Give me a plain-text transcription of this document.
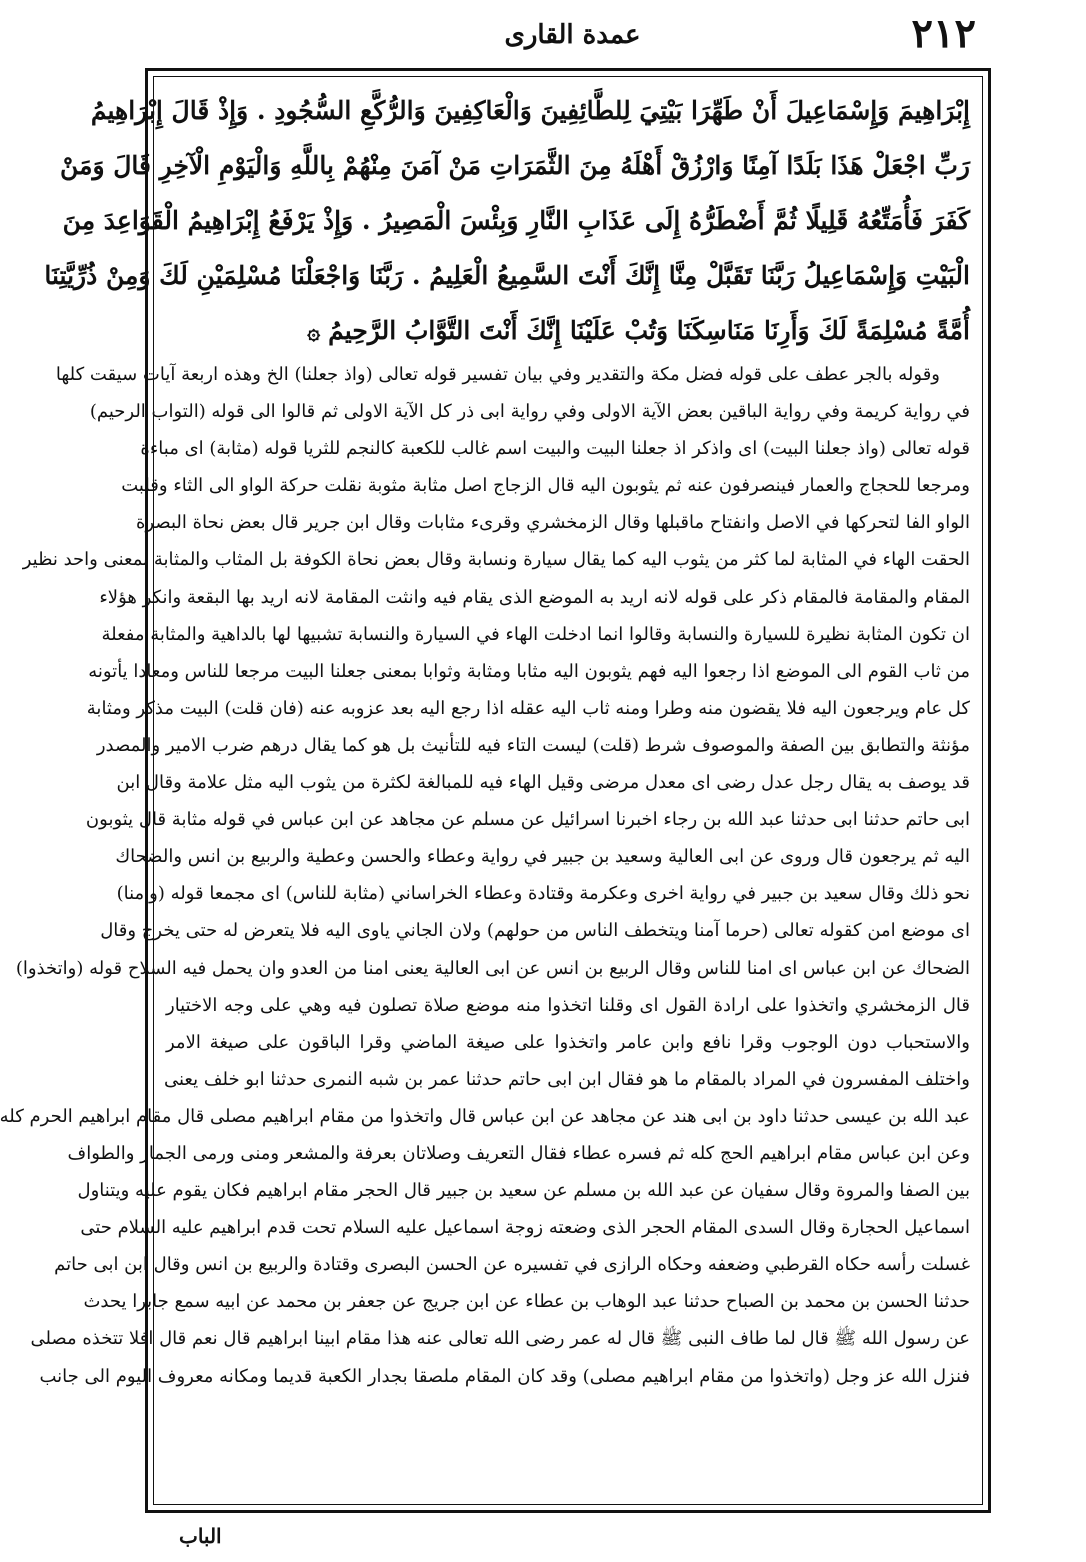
٢١٢
عمدة القارى
إِبْرَاهِيمَ وَإِسْمَاعِيلَ أَنْ طَهِّرَا بَيْتِيَ لِلطَّائِفِينَ وَالْعَاكِفِينَ وَالرُّكَّعِ السُّجُودِ . وَإِذْ قَالَ إِبْرَاهِيمُ
رَبِّ اجْعَلْ هَذَا بَلَدًا آمِنًا وَارْزُقْ أَهْلَهُ مِنَ الثَّمَرَاتِ مَنْ آمَنَ مِنْهُمْ بِاللَّهِ وَالْيَوْمِ الْآخِرِ قَالَ وَمَنْ
كَفَرَ فَأُمَتِّعُهُ قَلِيلًا ثُمَّ أَضْطَرُّهُ إِلَى عَذَابِ النَّارِ وَبِئْسَ الْمَصِيرُ . وَإِذْ يَرْفَعُ إِبْرَاهِيمُ الْقَوَاعِدَ مِنَ
الْبَيْتِ وَإِسْمَاعِيلُ رَبَّنَا تَقَبَّلْ مِنَّا إِنَّكَ أَنْتَ السَّمِيعُ الْعَلِيمُ . رَبَّنَا وَاجْعَلْنَا مُسْلِمَيْنِ لَكَ وَمِنْ ذُرِّيَّتِنَا
أُمَّةً مُسْلِمَةً لَكَ وَأَرِنَا مَنَاسِكَنَا وَتُبْ عَلَيْنَا إِنَّكَ أَنْتَ التَّوَّابُ الرَّحِيمُ۞
وقوله بالجر عطف على قوله فضل مكة والتقدير وفي بيان تفسير قوله تعالى (واذ جعلنا) الخ وهذه اربعة آيات سيقت كلها
في رواية كريمة وفي رواية الباقين بعض الآية الاولى وفي رواية ابى ذر كل الآية الاولى ثم قالوا الى قوله (التواب الرحيم)
قوله تعالى (واذ جعلنا البيت) اى واذكر اذ جعلنا البيت والبيت اسم غالب للكعبة كالنجم للثريا قوله (مثابة) اى مباءة
ومرجعا للحجاج والعمار فينصرفون عنه ثم يثوبون اليه قال الزجاج اصل مثابة مثوبة نقلت حركة الواو الى الثاء وقلبت
الواو الفا لتحركها في الاصل وانفتاح ماقبلها وقال الزمخشري وقرىء مثابات وقال ابن جرير قال بعض نحاة البصرة
الحقت الهاء في المثابة لما كثر من يثوب اليه كما يقال سيارة ونسابة وقال بعض نحاة الكوفة بل المثاب والمثابة بمعنى واحد نظير
المقام والمقامة فالمقام ذكر على قوله لانه اريد به الموضع الذى يقام فيه وانثت المقامة لانه اريد بها البقعة وانكر هؤلاء
ان تكون المثابة نظيرة للسيارة والنسابة وقالوا انما ادخلت الهاء في السيارة والنسابة تشبيها لها بالداهية والمثابة مفعلة
من ثاب القوم الى الموضع اذا رجعوا اليه فهم يثوبون اليه مثابا ومثابة وثوابا بمعنى جعلنا البيت مرجعا للناس ومعادا يأتونه
كل عام ويرجعون اليه فلا يقضون منه وطرا ومنه ثاب اليه عقله اذا رجع اليه بعد عزوبه عنه (فان قلت) البيت مذكر ومثابة
مؤنثة والتطابق بين الصفة والموصوف شرط (قلت) ليست التاء فيه للتأنيث بل هو كما يقال درهم ضرب الامير والمصدر
قد يوصف به يقال رجل عدل رضى اى معدل مرضى وقيل الهاء فيه للمبالغة لكثرة من يثوب اليه مثل علامة وقال ابن
ابى حاتم حدثنا ابى حدثنا عبد الله بن رجاء اخبرنا اسرائيل عن مسلم عن مجاهد عن ابن عباس في قوله مثابة قال يثوبون
اليه ثم يرجعون قال وروى عن ابى العالية وسعيد بن جبير في رواية وعطاء والحسن وعطية والربيع بن انس والضحاك
نحو ذلك وقال سعيد بن جبير في رواية اخرى وعكرمة وقتادة وعطاء الخراساني (مثابة للناس) اى مجمعا قوله (وامنا)
اى موضع امن كقوله تعالى (حرما آمنا ويتخطف الناس من حولهم) ولان الجاني ياوى اليه فلا يتعرض له حتى يخرج وقال
الضحاك عن ابن عباس اى امنا للناس وقال الربيع بن انس عن ابى العالية يعنى امنا من العدو وان يحمل فيه السلاح قوله (واتخذوا)
قال الزمخشري واتخذوا على ارادة القول اى وقلنا اتخذوا منه موضع صلاة تصلون فيه وهي على وجه الاختيار
والاستحباب دون الوجوب وقرا نافع وابن عامر واتخذوا على صيغة الماضي وقرا الباقون على صيغة الامر
واختلف المفسرون في المراد بالمقام ما هو فقال ابن ابى حاتم حدثنا عمر بن شبه النمرى حدثنا ابو خلف يعنى
عبد الله بن عيسى حدثنا داود بن ابى هند عن مجاهد عن ابن عباس قال واتخذوا من مقام ابراهيم مصلى قال مقام ابراهيم الحرم كله
وعن ابن عباس مقام ابراهيم الحج كله ثم فسره عطاء فقال التعريف وصلاتان بعرفة والمشعر ومنى ورمى الجمار والطواف
بين الصفا والمروة وقال سفيان عن عبد الله بن مسلم عن سعيد بن جبير قال الحجر مقام ابراهيم فكان يقوم عليه ويتناول
اسماعيل الحجارة وقال السدى المقام الحجر الذى وضعته زوجة اسماعيل عليه السلام تحت قدم ابراهيم عليه السلام حتى
غسلت رأسه حكاه القرطبي وضعفه وحكاه الرازى في تفسيره عن الحسن البصرى وقتادة والربيع بن انس وقال ابن ابى حاتم
حدثنا الحسن بن محمد بن الصباح حدثنا عبد الوهاب بن عطاء عن ابن جريج عن جعفر بن محمد عن ابيه سمع جابرا يحدث
عن رسول الله ﷺ قال لما طاف النبى ﷺ قال له عمر رضى الله تعالى عنه هذا مقام ابينا ابراهيم قال نعم قال افلا تتخذه مصلى
فنزل الله عز وجل (واتخذوا من مقام ابراهيم مصلى) وقد كان المقام ملصقا بجدار الكعبة قديما ومكانه معروف اليوم الى جانب
الباب
